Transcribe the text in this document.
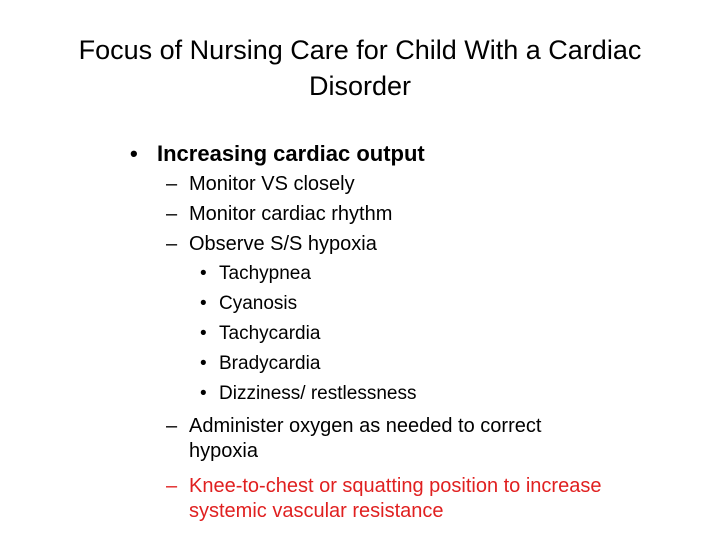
Focus of Nursing Care for Child With a Cardiac
Disorder
• Increasing cardiac output
– Monitor VS closely
– Monitor cardiac rhythm
– Observe S/S hypoxia
• Tachypnea
• Cyanosis
• Tachycardia
• Bradycardia
• Dizziness/ restlessness
– Administer oxygen as needed to correct
hypoxia
– Knee-to-chest or squatting position to increase
systemic vascular resistance
